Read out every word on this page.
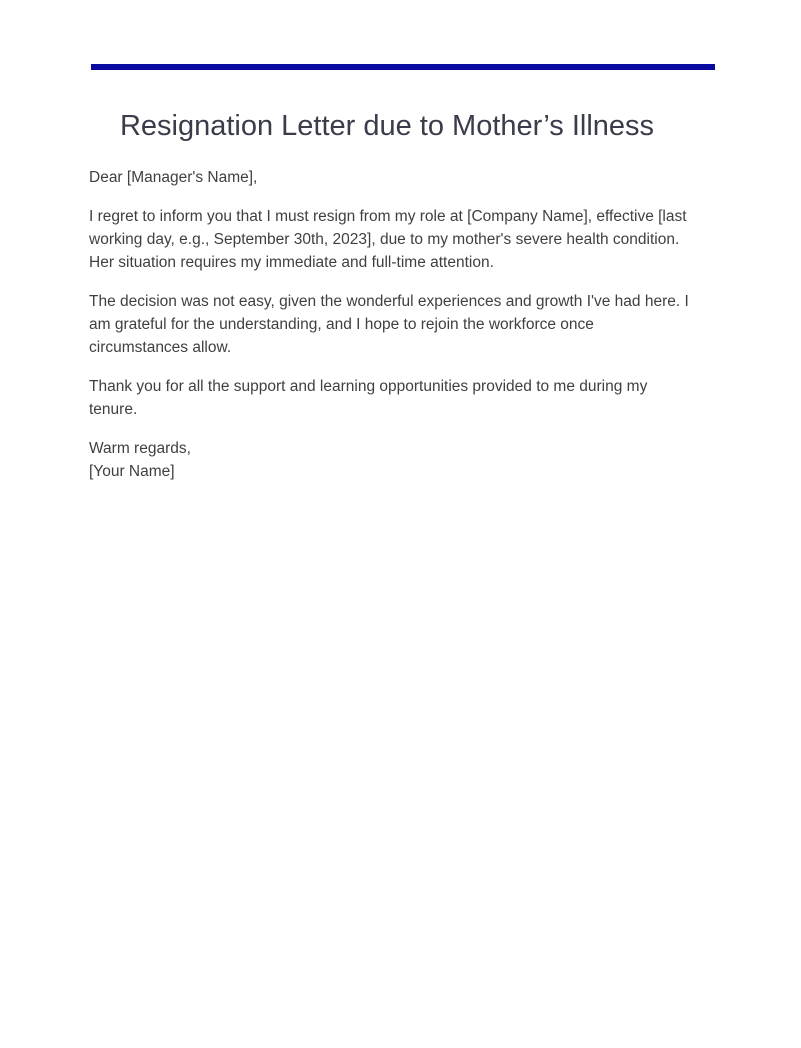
Resignation Letter due to Mother’s Illness

Dear [Manager's Name],

I regret to inform you that I must resign from my role at [Company Name], effective [last working day, e.g., September 30th, 2023], due to my mother's severe health condition. Her situation requires my immediate and full-time attention.

The decision was not easy, given the wonderful experiences and growth I've had here. I am grateful for the understanding, and I hope to rejoin the workforce once circumstances allow.

Thank you for all the support and learning opportunities provided to me during my tenure.

Warm regards,
[Your Name]
